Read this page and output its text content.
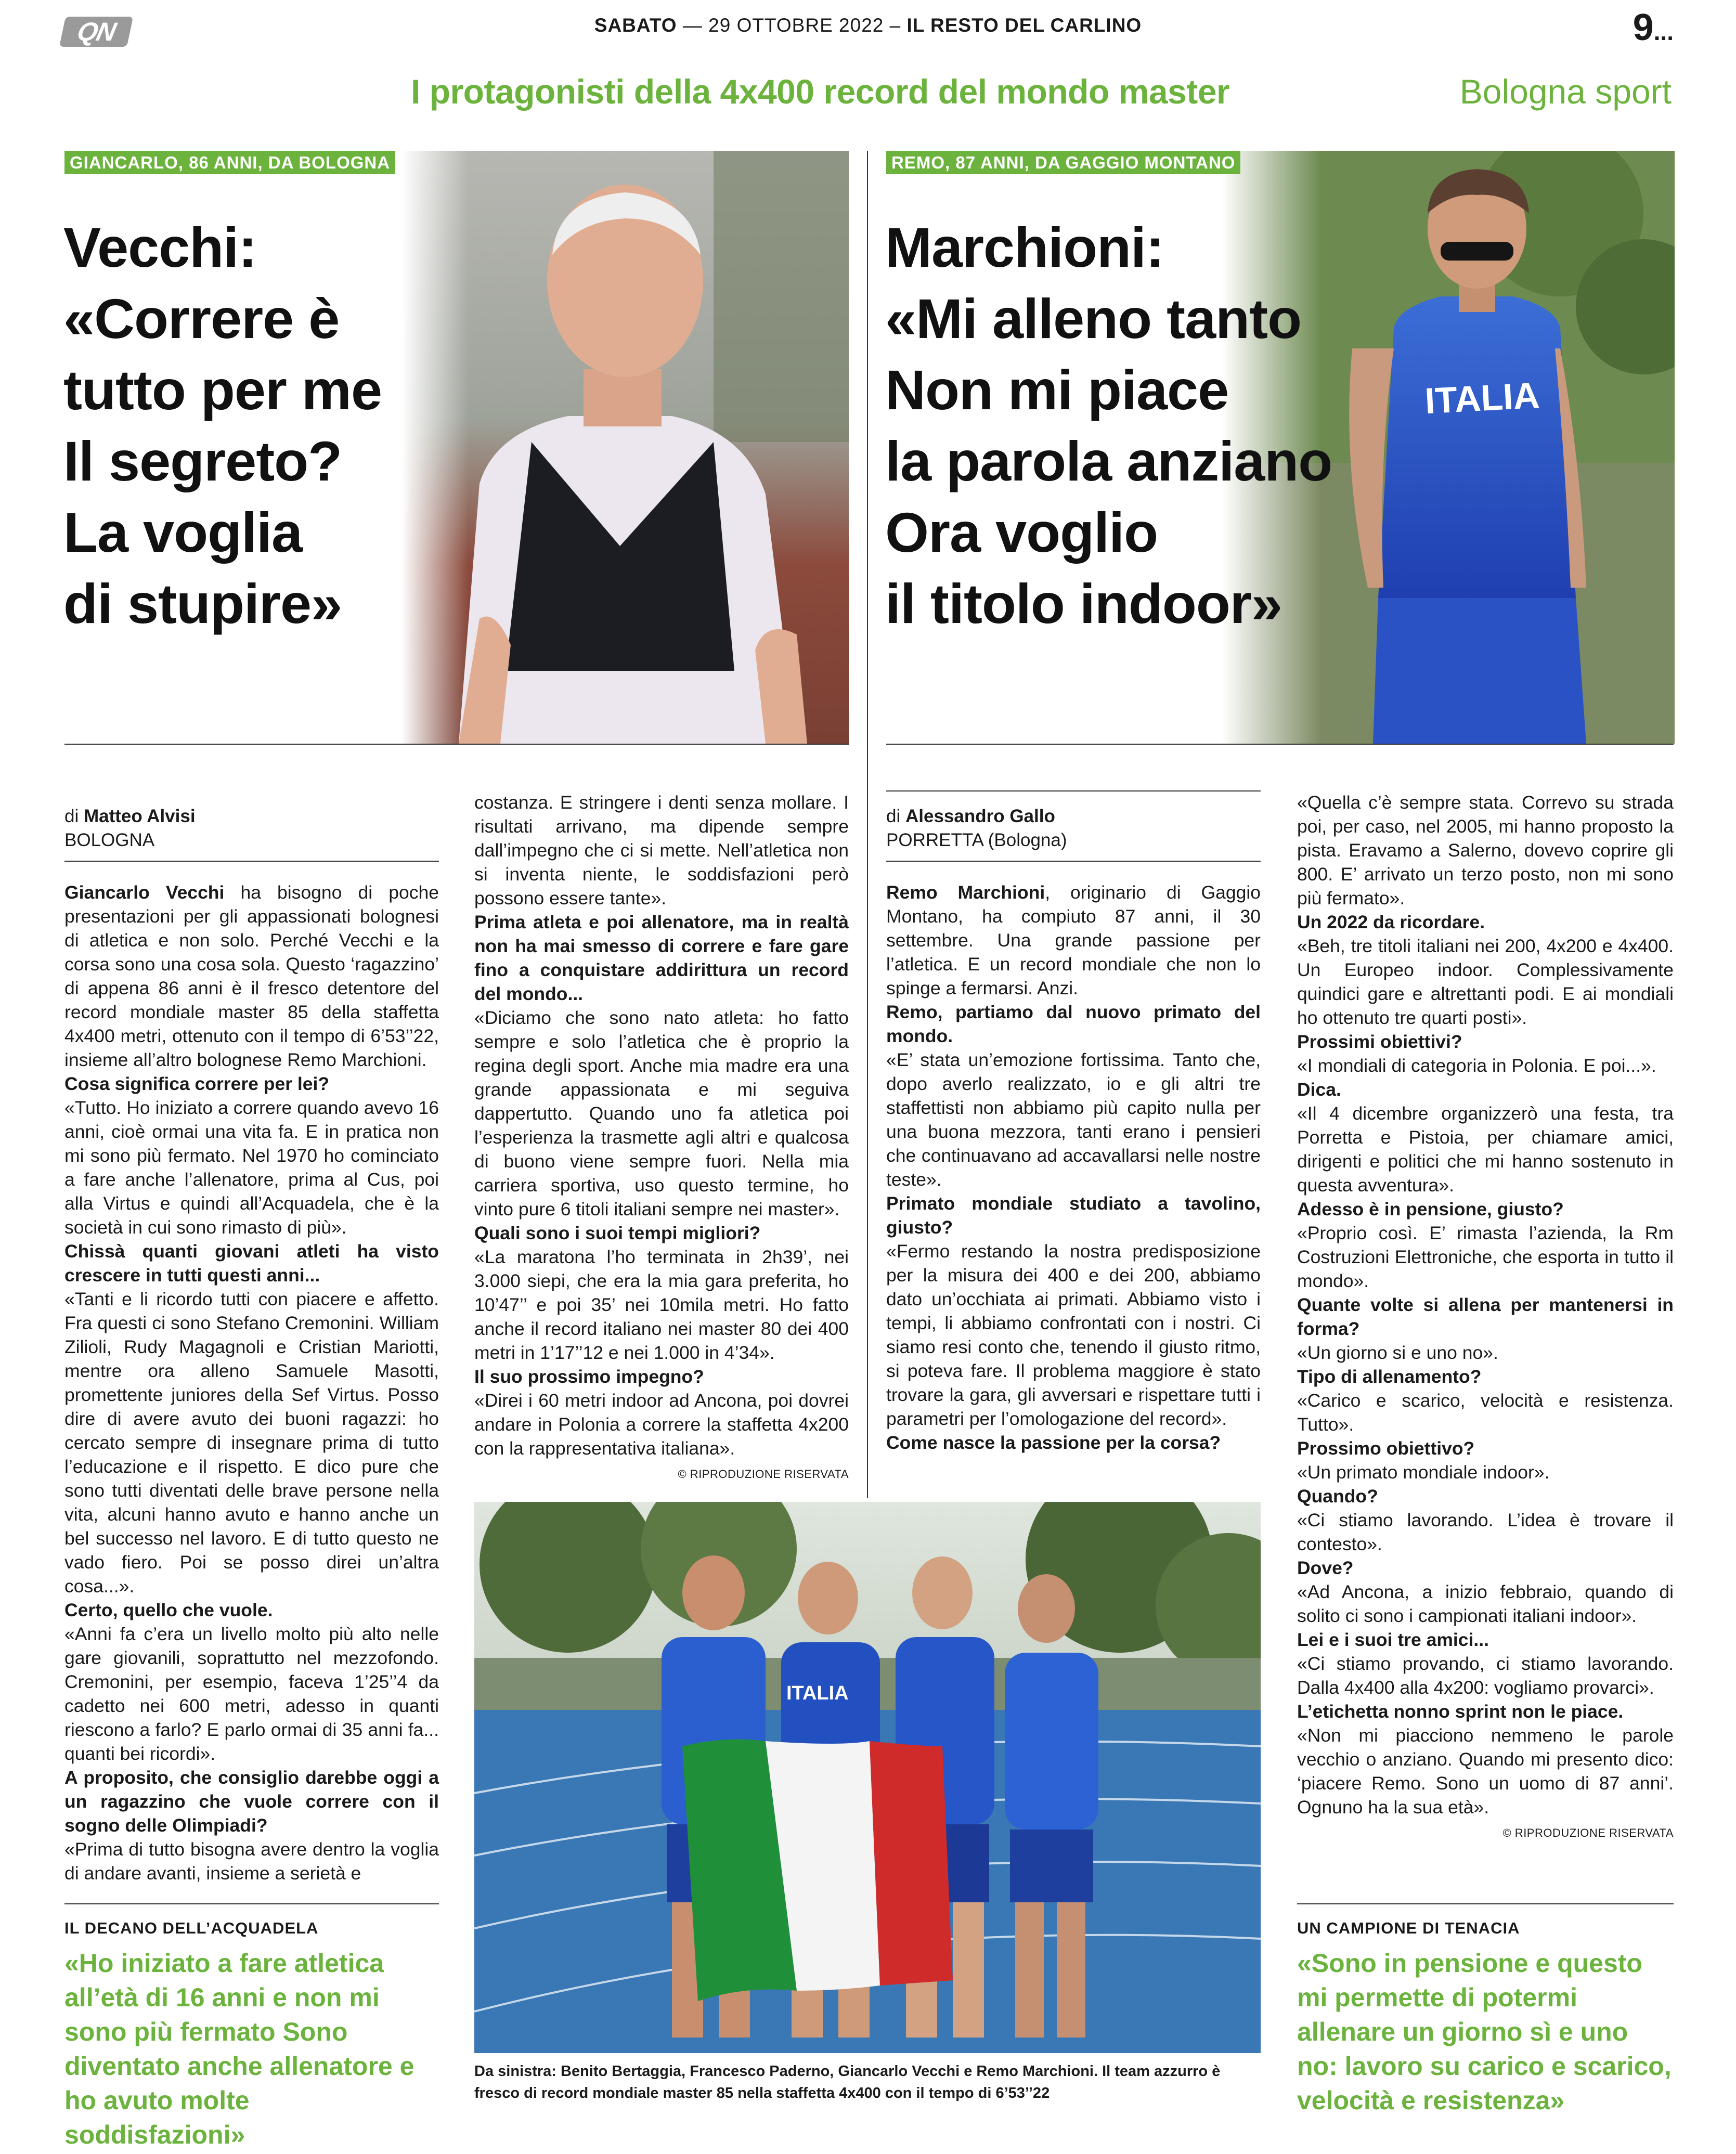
QN	SABATO — 29 OTTOBRE 2022 – IL RESTO DEL CARLINO	9...
I protagonisti della 4x400 record del mondo master	Bologna sport
GIANCARLO, 86 ANNI, DA BOLOGNA
Vecchi:
«Correre è
tutto per me
Il segreto?
La voglia
di stupire»
ITALIA
REMO, 87 ANNI, DA GAGGIO MONTANO
Marchioni:
«Mi alleno tanto
Non mi piace
la parola anziano
Ora voglio
il titolo indoor»
di Matteo Alvisi
BOLOGNA

Giancarlo Vecchi ha bisogno di poche presentazioni per gli appassionati bolognesi di atletica e non solo. Perché Vecchi e la corsa sono una cosa sola. Questo ‘ragazzino’ di appena 86 anni è il fresco detentore del record mondiale master 85 della staffetta 4x400 metri, ottenuto con il tempo di 6’53’’22, insieme all’altro bolognese Remo Marchioni.

Cosa significa correre per lei?

«Tutto. Ho iniziato a correre quando avevo 16 anni, cioè ormai una vita fa. E in pratica non mi sono più fermato. Nel 1970 ho cominciato a fare anche l’allenatore, prima al Cus, poi alla Virtus e quindi all’Acquadela, che è la società in cui sono rimasto di più».

Chissà quanti giovani atleti ha visto crescere in tutti questi anni...

«Tanti e li ricordo tutti con piacere e affetto. Fra questi ci sono Stefano Cremonini. William Zilioli, Rudy Magagnoli e Cristian Mariotti, mentre ora alleno Samuele Masotti, promettente juniores della Sef Virtus. Posso dire di avere avuto dei buoni ragazzi: ho cercato sempre di insegnare prima di tutto l’educazione e il rispetto. E dico pure che sono tutti diventati delle brave persone nella vita, alcuni hanno avuto e hanno anche un bel successo nel lavoro. E di tutto questo ne vado fiero. Poi se posso direi un’altra cosa...».

Certo, quello che vuole.

«Anni fa c’era un livello molto più alto nelle gare giovanili, soprattutto nel mezzofondo. Cremonini, per esempio, faceva 1’25’’4 da cadetto nei 600 metri, adesso in quanti riescono a farlo? E parlo ormai di 35 anni fa... quanti bei ricordi».

A proposito, che consiglio darebbe oggi a un ragazzino che vuole correre con il sogno delle Olimpiadi?

«Prima di tutto bisogna avere dentro la voglia di andare avanti, insieme a serietà e

costanza. E stringere i denti senza mollare. I risultati arrivano, ma dipende sempre dall’impegno che ci si mette. Nell’atletica non si inventa niente, le soddisfazioni però possono essere tante».

Prima atleta e poi allenatore, ma in realtà non ha mai smesso di correre e fare gare fino a conquistare addirittura un record del mondo...

«Diciamo che sono nato atleta: ho fatto sempre e solo l’atletica che è proprio la regina degli sport. Anche mia madre era una grande appassionata e mi seguiva dappertutto. Quando uno fa atletica poi l’esperienza la trasmette agli altri e qualcosa di buono viene sempre fuori. Nella mia carriera sportiva, uso questo termine, ho vinto pure 6 titoli italiani sempre nei master».

Quali sono i suoi tempi migliori?

«La maratona l’ho terminata in 2h39’, nei 3.000 siepi, che era la mia gara preferita, ho 10’47’’ e poi 35’ nei 10mila metri. Ho fatto anche il record italiano nei master 80 dei 400 metri in 1’17’’12 e nei 1.000 in 4’34».

Il suo prossimo impegno?

«Direi i 60 metri indoor ad Ancona, poi dovrei andare in Polonia a correre la staffetta 4x200 con la rappresentativa italiana».

© RIPRODUZIONE RISERVATA

IL DECANO DELL’ACQUADELA
«Ho iniziato a fare atletica all’età di 16 anni e non mi sono più fermato Sono diventato anche allenatore e ho avuto molte soddisfazioni»
di Alessandro Gallo
PORRETTA (Bologna)

Remo Marchioni, originario di Gaggio Montano, ha compiuto 87 anni, il 30 settembre. Una grande passione per l’atletica. E un record mondiale che non lo spinge a fermarsi. Anzi.

Remo, partiamo dal nuovo primato del mondo.

«E’ stata un’emozione fortissima. Tanto che, dopo averlo realizzato, io e gli altri tre staffettisti non abbiamo più capito nulla per una buona mezzora, tanti erano i pensieri che continuavano ad accavallarsi nelle nostre teste».

Primato mondiale studiato a tavolino, giusto?

«Fermo restando la nostra predisposizione per la misura dei 400 e dei 200, abbiamo dato un’occhiata ai primati. Abbiamo visto i tempi, li abbiamo confrontati con i nostri. Ci siamo resi conto che, tenendo il giusto ritmo, si poteva fare. Il problema maggiore è stato trovare la gara, gli avversari e rispettare tutti i parametri per l’omologazione del record».

Come nasce la passione per la corsa?

«Quella c’è sempre stata. Correvo su strada poi, per caso, nel 2005, mi hanno proposto la pista. Eravamo a Salerno, dovevo coprire gli 800. E’ arrivato un terzo posto, non mi sono più fermato».

Un 2022 da ricordare.

«Beh, tre titoli italiani nei 200, 4x200 e 4x400. Un Europeo indoor. Complessivamente quindici gare e altrettanti podi. E ai mondiali ho ottenuto tre quarti posti».

Prossimi obiettivi?

«I mondiali di categoria in Polonia. E poi...».

Dica.

«Il 4 dicembre organizzerò una festa, tra Porretta e Pistoia, per chiamare amici, dirigenti e politici che mi hanno sostenuto in questa avventura».

Adesso è in pensione, giusto?

«Proprio così. E’ rimasta l’azienda, la Rm Costruzioni Elettroniche, che esporta in tutto il mondo».

Quante volte si allena per mantenersi in forma?

«Un giorno si e uno no».

Tipo di allenamento?

«Carico e scarico, velocità e resistenza. Tutto».

Prossimo obiettivo?

«Un primato mondiale indoor».

Quando?

«Ci stiamo lavorando. L’idea è trovare il contesto».

Dove?

«Ad Ancona, a inizio febbraio, quando di solito ci sono i campionati italiani indoor».

Lei e i suoi tre amici...

«Ci stiamo provando, ci stiamo lavorando. Dalla 4x400 alla 4x200: vogliamo provarci».

L’etichetta nonno sprint non le piace.

«Non mi piacciono nemmeno le parole vecchio o anziano. Quando mi presento dico: ‘piacere Remo. Sono un uomo di 87 anni’. Ognuno ha la sua età».

© RIPRODUZIONE RISERVATA

UN CAMPIONE DI TENACIA
«Sono in pensione e questo mi permette di potermi allenare un giorno sì e uno no: lavoro su carico e scarico, velocità e resistenza»
ITALIA
Da sinistra: Benito Bertaggia, Francesco Paderno, Giancarlo Vecchi e Remo Marchioni. Il team azzurro è fresco di record mondiale master 85 nella staffetta 4x400 con il tempo di 6’53’’22
